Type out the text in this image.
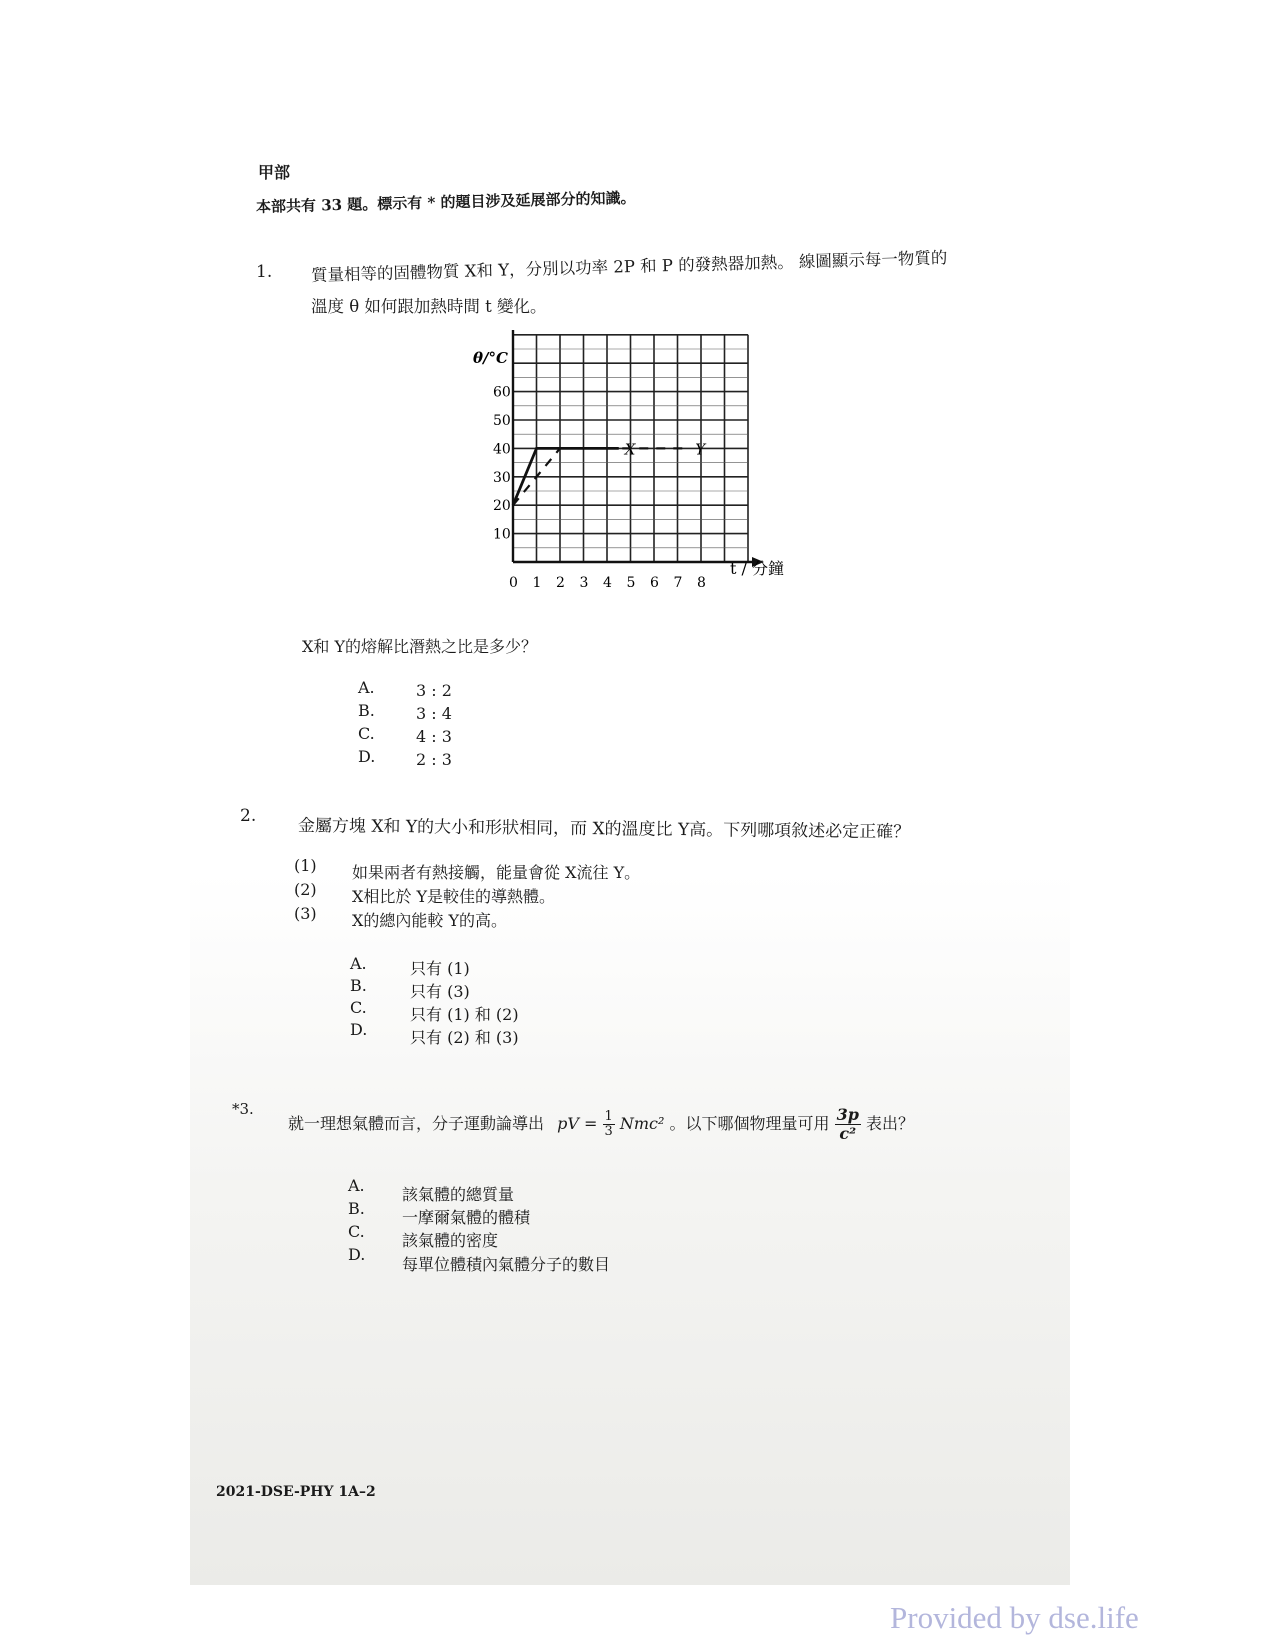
甲部
本部共有 33 題。標示有 * 的題目涉及延展部分的知識。
1. 質量相等的固體物質 X和 Y，分別以功率 2P 和 P 的發熱器加熱。 線圖顯示每一物質的
溫度 θ 如何跟加熱時間 t 變化。
0 1 2 3 4 5 6 7 8
10
20
30
40
50
60
X	Y
θ/°C
t / 分鐘
X和 Y的熔解比潛熱之比是多少？
A.	3 : 2
B.	3 : 4
C.	4 : 3
D.	2 : 3
2.
金屬方塊 X和 Y的大小和形狀相同，而 X的溫度比 Y高。下列哪項敘述必定正確？
(1) 如果兩者有熱接觸，能量會從 X流往 Y。
(2) X相比於 Y是較佳的導熱體。
(3) X的總內能較 Y的高。
A.	只有 (1)
B.	只有 (3)
C.	只有 (1) 和 (2)
D.	只有 (2) 和 (3)
*3.
就一理想氣體而言，分子運動論導出 pV = $\frac{1}{3} Nmc^2$ 。以下哪個物理量可用 $\frac{3p}{\text{c²}}$ 表出？
A. 該氣體的總質量
B. 一摩爾氣體的體積
C. 該氣體的密度
D.
每單位體積內氣體分子的數目
2021-DSE-PHY 1A–2
Provided by dse.life
